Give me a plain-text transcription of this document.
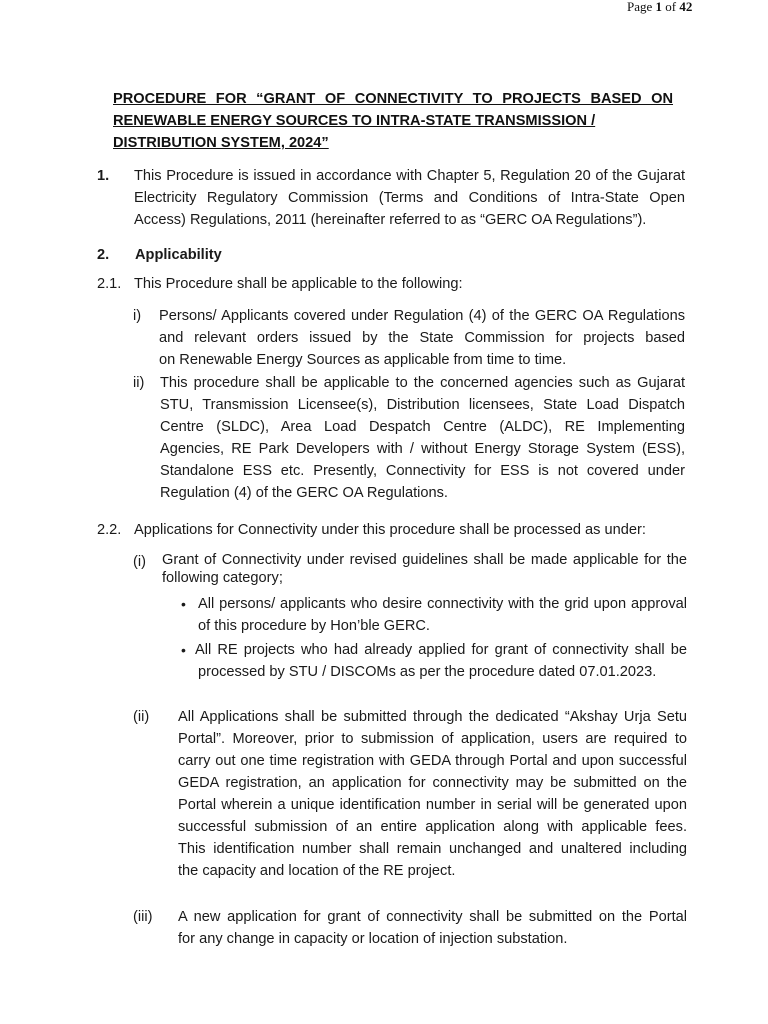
Page 1 of 42
PROCEDURE FOR “GRANT OF CONNECTIVITY TO PROJECTS BASED ON
RENEWABLE ENERGY SOURCES TO INTRA-STATE TRANSMISSION /
DISTRIBUTION SYSTEM, 2024”
1. This Procedure is issued in accordance with Chapter 5, Regulation 20 of the Gujarat
Electricity Regulatory Commission (Terms and Conditions of Intra-State Open
Access) Regulations, 2011 (hereinafter referred to as “GERC OA Regulations”).
2. Applicability
2.1. This Procedure shall be applicable to the following:
i) Persons/ Applicants covered under Regulation (4) of the GERC OA Regulations
and relevant orders issued by the State Commission for projects based
on Renewable Energy Sources as applicable from time to time.
ii) This procedure shall be applicable to the concerned agencies such as Gujarat
STU, Transmission Licensee(s), Distribution licensees, State Load Dispatch
Centre (SLDC), Area Load Despatch Centre (ALDC), RE Implementing
Agencies, RE Park Developers with / without Energy Storage System (ESS),
Standalone ESS etc. Presently, Connectivity for ESS is not covered under
Regulation (4) of the GERC OA Regulations.
2.2. Applications for Connectivity under this procedure shall be processed as under:
(i) Grant of Connectivity under revised guidelines shall be made applicable for the
following category;
• All persons/ applicants who desire connectivity with the grid upon approval
of this procedure by Hon’ble GERC.
• All RE projects who had already applied for grant of connectivity shall be
processed by STU / DISCOMs as per the procedure dated 07.01.2023.
(ii) All Applications shall be submitted through the dedicated “Akshay Urja Setu
Portal”. Moreover, prior to submission of application, users are required to
carry out one time registration with GEDA through Portal and upon successful
GEDA registration, an application for connectivity may be submitted on the
Portal wherein a unique identification number in serial will be generated upon
successful submission of an entire application along with applicable fees.
This identification number shall remain unchanged and unaltered including
the capacity and location of the RE project.
(iii) A new application for grant of connectivity shall be submitted on the Portal
for any change in capacity or location of injection substation.
